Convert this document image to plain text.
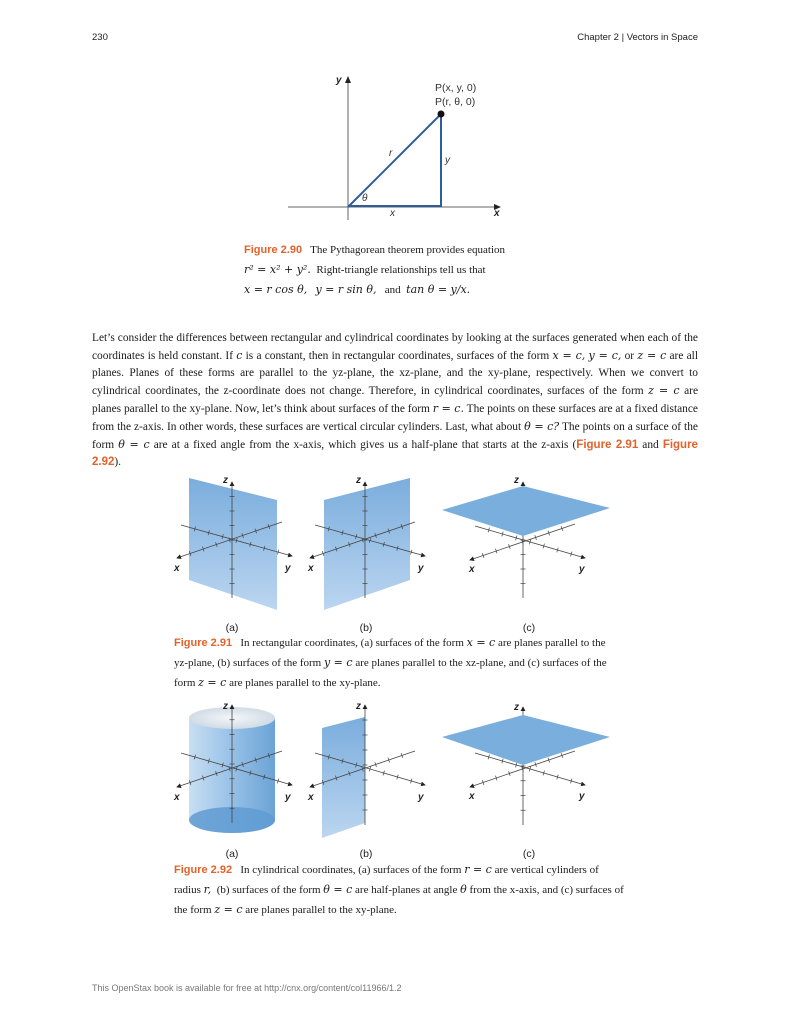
230	Chapter 2 | Vectors in Space
y
x
P(x, y, 0)
P(r, θ, 0)
r
y
x
θ
Figure 2.90 The Pythagorean theorem provides equation
r² = x² + y². Right-triangle relationships tell us that
x = r cos θ, y = r sin θ, and tan θ = y/x.
Let’s consider the differences between rectangular and cylindrical coordinates by looking at the surfaces generated when each of the coordinates is held constant. If c is a constant, then in rectangular coordinates, surfaces of the form x = c, y = c, or z = c are all planes. Planes of these forms are parallel to the yz-plane, the xz-plane, and the xy-plane, respectively. When we convert to cylindrical coordinates, the z-coordinate does not change. Therefore, in cylindrical coordinates, surfaces of the form z = c are planes parallel to the xy-plane. Now, let’s think about surfaces of the form r = c. The points on these surfaces are at a fixed distance from the z-axis. In other words, these surfaces are vertical circular cylinders. Last, what about θ = c? The points on a surface of the form θ = c are at a fixed angle from the x-axis, which gives us a half-plane that starts at the z-axis (Figure 2.91 and Figure 2.92).
z
x	y
z
x	y
z
x	y
(a)	(b)	(c)
Figure 2.91 In rectangular coordinates, (a) surfaces of the form x = c are planes parallel to the yz-plane, (b) surfaces of the form y = c are planes parallel to the xz-plane, and (c) surfaces of the form z = c are planes parallel to the xy-plane.
z
x	y
z
x	y
z
x	y
(a)	(b)	(c)
Figure 2.92 In cylindrical coordinates, (a) surfaces of the form r = c are vertical cylinders of radius r, (b) surfaces of the form θ = c are half-planes at angle θ from the x-axis, and (c) surfaces of the form z = c are planes parallel to the xy-plane.
This OpenStax book is available for free at http://cnx.org/content/col11966/1.2
